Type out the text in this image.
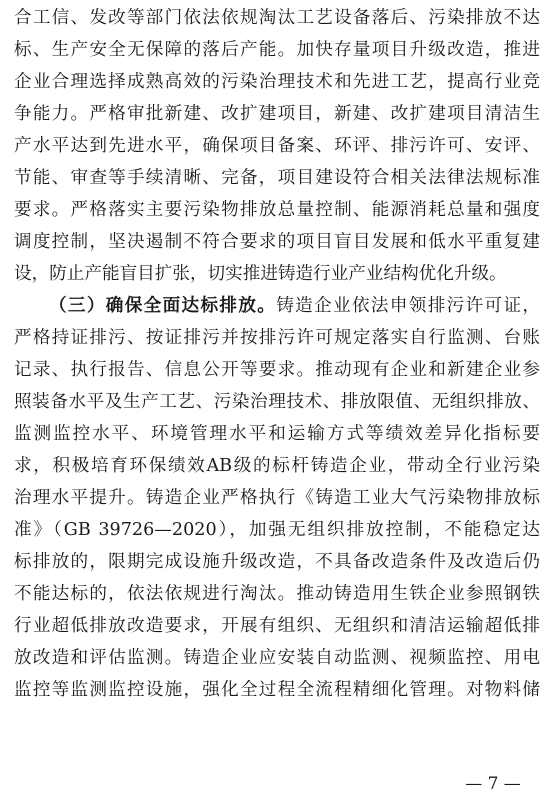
合工信、发改等部门依法依规淘汰工艺设备落后、污染排放不达
标、生产安全无保障的落后产能。加快存量项目升级改造，推进
企业合理选择成熟高效的污染治理技术和先进工艺，提高行业竞
争能力。严格审批新建、改扩建项目，新建、改扩建项目清洁生
产水平达到先进水平，确保项目备案、环评、排污许可、安评、
节能、审查等手续清晰、完备，项目建设符合相关法律法规标准
要求。严格落实主要污染物排放总量控制、能源消耗总量和强度
调度控制，坚决遏制不符合要求的项目盲目发展和低水平重复建
设，防止产能盲目扩张，切实推进铸造行业产业结构优化升级。
（三）确保全面达标排放。铸造企业依法申领排污许可证，
严格持证排污、按证排污并按排污许可规定落实自行监测、台账
记录、执行报告、信息公开等要求。推动现有企业和新建企业参
照装备水平及生产工艺、污染治理技术、排放限值、无组织排放、
监测监控水平、环境管理水平和运输方式等绩效差异化指标要
求，积极培育环保绩效AB级的标杆铸造企业，带动全行业污染
治理水平提升。铸造企业严格执行《铸造工业大气污染物排放标
准》（GB 39726—2020），加强无组织排放控制，不能稳定达
标排放的，限期完成设施升级改造，不具备改造条件及改造后仍
不能达标的，依法依规进行淘汰。推动铸造用生铁企业参照钢铁
行业超低排放改造要求，开展有组织、无组织和清洁运输超低排
放改造和评估监测。铸造企业应安装自动监测、视频监控、用电
监控等监测监控设施，强化全过程全流程精细化管理。对物料储
— 7 —
